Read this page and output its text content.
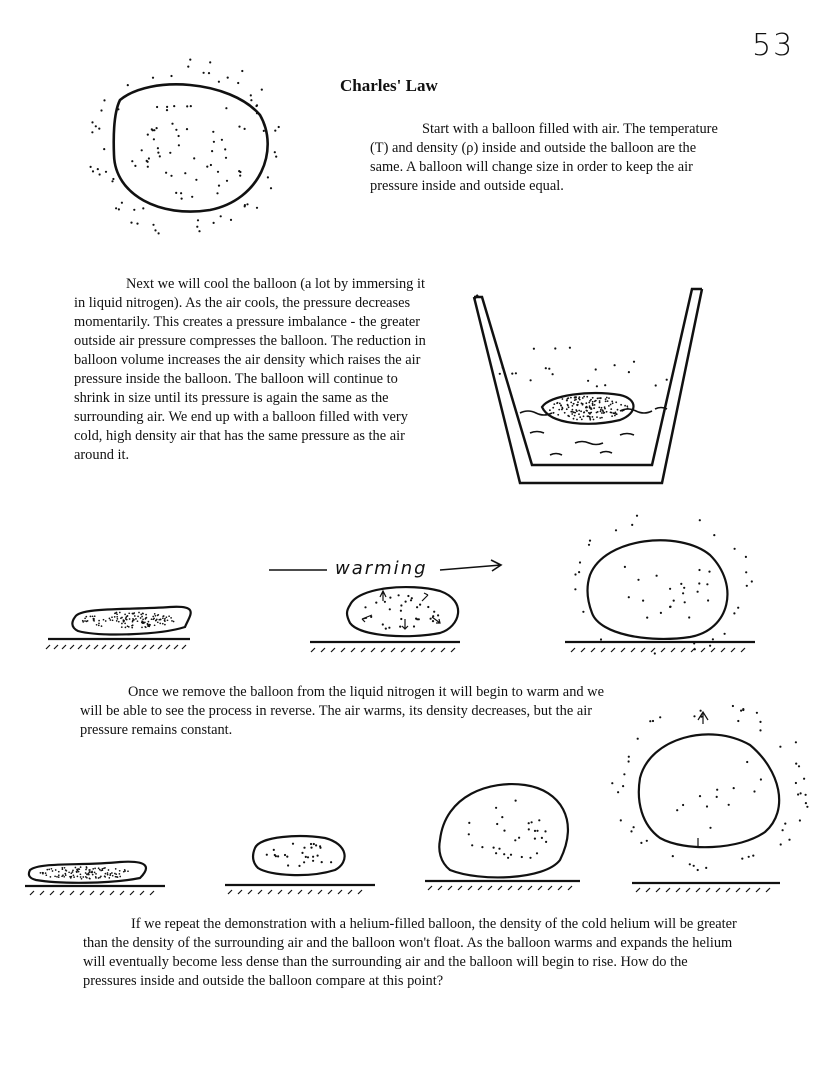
53
Charles' Law

Start with a balloon filled with air. The temperature (T) and density (ρ) inside and outside the balloon are the same. A balloon will change size in order to keep the air pressure inside and outside equal.

Next we will cool the balloon (a lot by immersing it in liquid nitrogen). As the air cools, the pressure decreases momentarily. This creates a pressure imbalance - the greater outside air pressure compresses the balloon. The reduction in balloon volume increases the air density which raises the air pressure inside the balloon. The balloon will continue to shrink in size until its pressure is again the same as the surrounding air. We end up with a balloon filled with very cold, high density air that has the same pressure as the air around it.

Once we remove the balloon from the liquid nitrogen it will begin to warm and we will be able to see the process in reverse. The air warms, its density decreases, but the air pressure remains constant.

If we repeat the demonstration with a helium-filled balloon, the density of the cold helium will be greater than the density of the surrounding air and the balloon won't float. As the balloon warms and expands the helium will eventually become less dense than the surrounding air and the balloon will begin to rise. How do the pressures inside and outside the balloon compare at this point?

warming
